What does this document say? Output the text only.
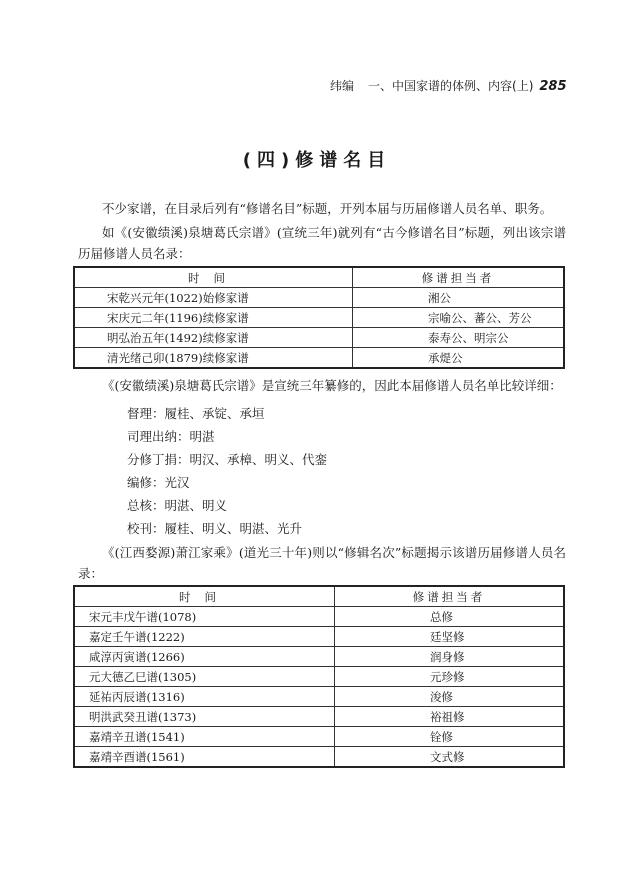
纬编 一、中国家谱的体例、内容(上) 285
(四)修谱名目
不少家谱，在目录后列有“修谱名目”标题，开列本届与历届修谱人员名单、职务。
如《(安徽绩溪)泉塘葛氏宗谱》(宣统三年)就列有“古今修谱名目”标题，列出该宗谱历届修谱人员名录：
时间	修谱担当者
宋乾兴元年(1022)始修家谱	湘公
宋庆元二年(1196)续修家谱	宗喻公、蕃公、芳公
明弘治五年(1492)续修家谱	泰寿公、明宗公
清光绪己卯(1879)续修家谱	承煶公
《(安徽绩溪)泉塘葛氏宗谱》是宣统三年纂修的，因此本届修谱人员名单比较详细：
督理：履桂、承锭、承垣
司理出纳：明湛
分修丁捐：明汉、承樟、明义、代銮
编修：光汉
总核：明湛、明义
校刊：履桂、明义、明湛、光升
《(江西婺源)萧江家乘》(道光三十年)则以“修辑名次”标题揭示该谱历届修谱人员名录：
时间	修谱担当者
宋元丰戊午谱(1078)	总修
嘉定壬午谱(1222)	廷坚修
咸淳丙寅谱(1266)	润身修
元大德乙巳谱(1305)	元珍修
延祐丙辰谱(1316)	浚修
明洪武癸丑谱(1373)	裕祖修
嘉靖辛丑谱(1541)	铨修
嘉靖辛酉谱(1561)	文式修
